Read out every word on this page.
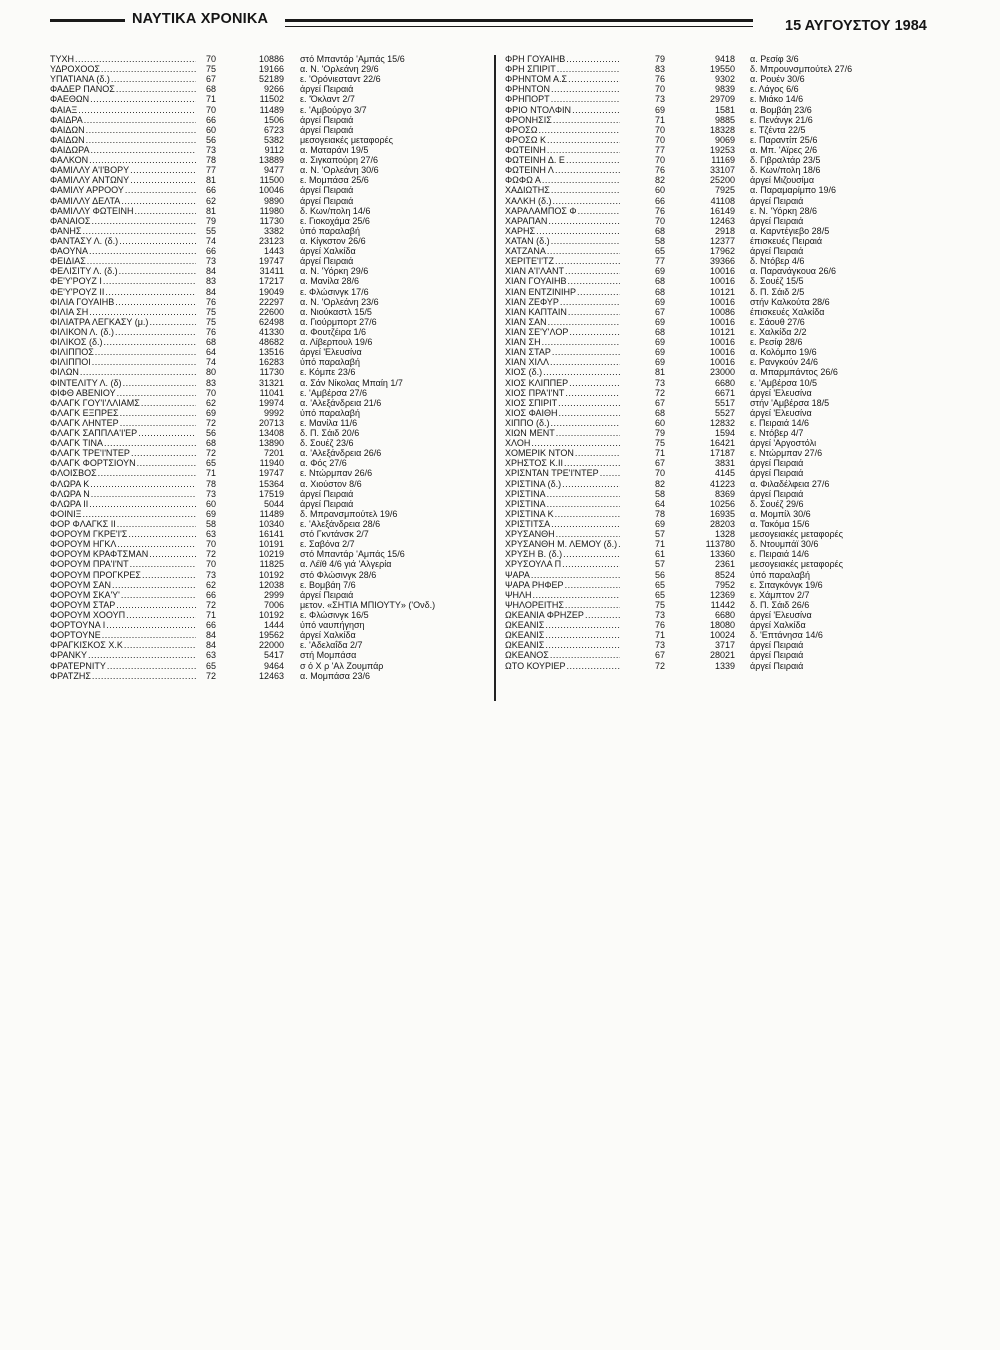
ΝΑΥΤΙΚΑ ΧΡΟΝΙΚΑ	15 ΑΥΓΟΥΣΤΟΥ 1984
ΤΥΧΗ .....	70	10886 στό Μπαντάρ 'Αμπάς 15/6
ΥΔΡΟΧΟΟΣ .....	75	19166 α. Ν. 'Ορλεάνη 29/6
ΥΠΑΤΙΑΝΑ (δ.) .....	67	52189 ε. 'Ορόνιεσταντ 22/6
ΦΑΔΕΡ ΠΑΝΟΣ .....	68	9266 άργεί Πειραιά
ΦΑΕΘΩΝ .....	71	11502 ε. 'Όκλαντ 2/7
ΦΑΙΑΞ .....	70	11489 ε. 'Αμβούργο 3/7
ΦΑΙΔΡΑ .....	66	1506 άργεί Πειραιά
ΦΑΙΔΩΝ .....	60	6723 άργεί Πειραιά
ΦΑΙΔΩΝ .....	56	5382 μεσογειακές μεταφορές
ΦΑΙΔΩΡΑ .....	73	9112 α. Ματαράνι 19/5
ΦΑΛΚΟΝ .....	78	13889 α. Σιγκαπούρη 27/6
ΦΑΜΙΛΛΥ Α'Ι'ΒΟΡΥ .....	77	9477 α. Ν. 'Ορλεάνη 30/6
ΦΑΜΙΛΛΥ ΑΝΤΩΝΥ .....	81	11500 ε. Μομπάσα 25/6
ΦΑΜΙΛΥ ΑΡΡΟΟΥ .....	66	10046 άργεί Πειραιά
ΦΑΜΙΛΛΥ ΔΕΛΤΑ .....	62	9890 άργεί Πειραιά
ΦΑΜΙΛΛΥ ΦΩΤΕΙΝΗ .....	81	11980 δ. Κων/πολη 14/6
ΦΑΝΑΙΟΣ .....	79	11730 ε. Γιοκοχάμα 25/6
ΦΑΝΗΣ .....	55	3382 ύπό παραλαβή
ΦΑΝΤΑΣΥ Λ. (δ.) .....	74	23123 α. Κίγκστον 26/6
ΦΑΟΥΝΑ .....	66	1443 άργεί Χαλκίδα
ΦΕΙΔΙΑΣ .....	73	19747 άργεί Πειραιά
ΦΕΛΙΣΙΤΥ Λ. (δ.) .....	84	31411 α. Ν. 'Υόρκη 29/6
ΦΕ'Υ'ΡΟΥΖ Ι .....	83	17217 α. Μανίλα 28/6
ΦΕ'Υ'ΡΟΥΖ ΙΙ .....	84	19049 ε. Φλώσινγκ 17/6
ΦΙΛΙΑ ΓΟΥΑΙΗΒ .....	76	22297 α. Ν. 'Ορλεάνη 23/6
ΦΙΛΙΑ ΣΗ .....	75	22600 α. Νιούκαστλ 15/5
ΦΙΛΙΑΤΡΑ ΛΕΓΚΑΣΥ (μ.) .....	75	62498 α. Γιούρμπορτ 27/6
ΦΙΛΙΚΟΝ Λ. (δ.) .....	76	41330 α. Φουτζέιρα 1/6
ΦΙΛΙΚΟΣ (δ.) .....	68	48682 α. Λίβερπουλ 19/6
ΦΙΛΙΠΠΟΣ .....	64	13516 άργεί 'Ελευσίνα
ΦΙΛΙΠΠΟΙ .....	74	16283 ύπό παραλαβή
ΦΙΛΩΝ .....	80	11730 ε. Κόμπε 23/6
ΦΙΝΤΕΛΙΤΥ Λ. (δ) .....	83	31321 α. Σάν Νίκολας Μπαίη 1/7
ΦΙΦΘ ΑΒΕΝΙΟΥ .....	70	11041 ε. 'Αμβέρσα 27/6
ΦΛΑΓΚ ΓΟΥ'Ι'ΛΛΙΑΜΣ .....	62	19974 α. 'Αλεξάνδρεια 21/6
ΦΛΑΓΚ ΕΞΠΡΕΣ .....	69	9992 ύπό παραλαβή
ΦΛΑΓΚ ΛΗΝΤΕΡ .....	72	20713 ε. Μανίλα 11/6
ΦΛΑΓΚ ΣΑΠΠΛΑ'Ι'ΕΡ .....	56	13408 δ. Π. Σάιδ 20/6
ΦΛΑΓΚ ΤΙΝΑ .....	68	13890 δ. Σουέζ 23/6
ΦΛΑΓΚ ΤΡΕ'Ι'ΝΤΕΡ .....	72	7201 α. 'Αλεξάνδρεια 26/6
ΦΛΑΓΚ ΦΟΡΤΣΙΟΥΝ .....	65	11940 α. Φός 27/6
ΦΛΟΙΣΒΟΣ .....	71	19747 ε. Ντώρμπαν 26/6
ΦΛΩΡΑ Κ .....	78	15364 α. Χιούστον 8/6
ΦΛΩΡΑ Ν .....	73	17519 άργεί Πειραιά
ΦΛΩΡΑ ΙΙ .....	60	5044 άργεί Πειραιά
ΦΟΙΝΙΞ .....	69	11489 δ. Μπρανσμπούτελ 19/6
ΦΟΡ ΦΛΑΓΚΣ ΙΙ .....	58	10340 ε. 'Αλεξάνδρεια 28/6
ΦΟΡΟΥΜ ΓΚΡΕ'Ι'Σ .....	63	16141 στό Γκντάνσκ 2/7
ΦΟΡΟΥΜ ΗΓΚΛ .....	70	10191 ε. Σαβόνα 2/7
ΦΟΡΟΥΜ ΚΡΑΦΤΣΜΑΝ .....	72	10219 στό Μπαντάρ 'Αμπάς 15/6
ΦΟΡΟΥΜ ΠΡΑ'Ι'ΝΤ .....	70	11825 α. Λέϊθ 4/6 γιά 'Αλγερία
ΦΟΡΟΥΜ ΠΡΟΓΚΡΕΣ .....	73	10192 στό Φλώσινγκ 28/6
ΦΟΡΟΥΜ ΣΑΝ .....	62	12038 ε. Βομβάη 7/6
ΦΟΡΟΥΜ ΣΚΑ'Υ' .....	66	2999 άργεί Πειραιά
ΦΟΡΟΥΜ ΣΤΑΡ .....	72	7006 μετον. «ΣΗΤΙΑ ΜΠΙΟΥΤΥ» ('Ονδ.)
ΦΟΡΟΥΜ ΧΟΟΥΠ .....	71	10192 ε. Φλώσινγκ 16/5
ΦΟΡΤΟΥΝΑ Ι .....	66	1444 ύπό ναυπήγηση
ΦΟΡΤΟΥΝΕ .....	84	19562 άργεί Χαλκίδα
ΦΡΑΓΚΙΣΚΟΣ Χ.Κ .....	84	22000 ε. 'Αδελαΐδα 2/7
ΦΡΑΝΚΥ .....	63	5417 στή Μομπάσα
ΦΡΑΤΕΡΝΙΤΥ .....	65	9464 σ ό Χ ρ 'Αλ Ζουμπάρ
ΦΡΑΤΖΗΣ .....	72	12463 α. Μομπάσα 23/6
ΦΡΗ ΓΟΥΑΙΗΒ .....	79	9418 α. Ρεσίφ 3/6
ΦΡΗ ΣΠΙΡΙΤ .....	83	19550 δ. Μπρουνσμπούτελ 27/6
ΦΡΗΝΤΟΜ Α.Σ .....	76	9302 α. Ρουέν 30/6
ΦΡΗΝΤΟΝ .....	70	9839 ε. Λάγος 6/6
ΦΡΗΠΟΡΤ .....	73	29709 ε. Μιάκο 14/6
ΦΡΙΟ ΝΤΟΛΦΙΝ .....	69	1581 α. Βομβάη 23/6
ΦΡΟΝΗΣΙΣ .....	71	9885 ε. Πενάνγκ 21/6
ΦΡΟΣΩ .....	70	18328 ε. Τζέντα 22/5
ΦΡΟΣΩ Κ .....	70	9069 ε. Παραντίπ 25/6
ΦΩΤΕΙΝΗ .....	77	19253 α. Μπ. 'Αϊρες 2/6
ΦΩΤΕΙΝΗ Δ. Ε .....	70	11169 δ. Γιβραλτάρ 23/5
ΦΩΤΕΙΝΗ Λ .....	76	33107 δ. Κων/πολη 18/6
ΦΩΦΩ Α .....	82	25200 άργεί Μιζουσίμα
ΧΑΔΙΩΤΗΣ .....	60	7925 α. Παραμαρίμπο 19/6
ΧΑΛΚΗ (δ.) .....	66	41108 άργεί Πειραιά
ΧΑΡΑΛΑΜΠΟΣ Φ .....	76	16149 ε. Ν. 'Υόρκη 28/6
ΧΑΡΑΠΑΝ .....	70	12463 άργεί Πειραιά
ΧΑΡΗΣ .....	68	2918 α. Καρντέγιεβο 28/5
ΧΑΤΑΝ (δ.) .....	58	12377 έπισκευές Πειραιά
ΧΑΤΖΑΝΑ .....	65	17962 άργεί Πειραιά
ΧΕΡΙΤΕ'Ι'ΤΖ .....	77	39366 δ. Ντόβερ 4/6
ΧΙΑΝ Α'Ι'ΛΑΝΤ .....	69	10016 α. Παρανάγκουα 26/6
ΧΙΑΝ ΓΟΥΑΙΗΒ .....	68	10016 δ. Σουέζ 15/5
ΧΙΑΝ ΕΝΤΖΙΝΙΗΡ .....	68	10121 δ. Π. Σάιδ 2/5
ΧΙΑΝ ΖΕΦΥΡ .....	69	10016 στήν Καλκούτα 28/6
ΧΙΑΝ ΚΑΠΤΑΙΝ .....	67	10086 έπισκευές Χαλκίδα
ΧΙΑΝ ΣΑΝ .....	69	10016 ε. Σάουθ 27/6
ΧΙΑΝ ΣΕ'Υ'ΛΟΡ .....	68	10121 ε. Χαλκίδα 2/2
ΧΙΑΝ ΣΗ .....	69	10016 ε. Ρεσίφ 28/6
ΧΙΑΝ ΣΤΑΡ .....	69	10016 α. Κολόμπο 19/6
ΧΙΑΝ ΧΙΛΛ .....	69	10016 ε. Ρανγκούν 24/6
ΧΙΟΣ (δ.) .....	81	23000 α. Μπαρμπάντος 26/6
ΧΙΟΣ ΚΛΙΠΠΕΡ .....	73	6680 ε. 'Αμβέρσα 10/5
ΧΙΟΣ ΠΡΑ'Ι'ΝΤ .....	72	6671 άργεί 'Ελευσίνα
ΧΙΟΣ ΣΠΙΡΙΤ .....	67	5517 στήν 'Αμβέρσα 18/5
ΧΙΟΣ ΦΑΙΘΗ .....	68	5527 άργεί 'Ελευσίνα
ΧΙΠΠΟ (δ.) .....	60	12832 ε. Πειραιά 14/6
ΧΙΩΝ ΜΕΝΤ .....	79	1594 ε. Ντόβερ 4/7
ΧΛΟΗ .....	75	16421 άργεί 'Αργοστόλι
ΧΟΜΕΡΙΚ ΝΤΟΝ .....	71	17187 ε. Ντώρμπαν 27/6
ΧΡΗΣΤΟΣ Κ.ΙΙ .....	67	3831 άργεί Πειραιά
ΧΡΙΣΝΤΑΝ ΤΡΕ'Ι'ΝΤΕΡ .....	70	4145 άργεί Πειραιά
ΧΡΙΣΤΙΝΑ (δ.) .....	82	41223 α. Φιλαδέλφεια 27/6
ΧΡΙΣΤΙΝΑ .....	58	8369 άργεί Πειραιά
ΧΡΙΣΤΙΝΑ .....	64	10256 δ. Σουέζ 29/6
ΧΡΙΣΤΙΝΑ Κ .....	78	16935 α. Μομπίλ 30/6
ΧΡΙΣΤΙΤΣΑ .....	69	28203 α. Τακόμα 15/6
ΧΡΥΣΑΝΘΗ .....	57	1328 μεσογειακές μεταφορές
ΧΡΥΣΑΝΘΗ Μ. ΛΕΜΟΥ (δ.) .....	71	113780 δ. Ντουμπάϊ 30/6
ΧΡΥΣΗ Β. (δ.) .....	61	13360 ε. Πειραιά 14/6
ΧΡΥΣΟΥΛΑ Π .....	57	2361 μεσογειακές μεταφορές
ΨΑΡΑ .....	56	8524 ύπό παραλαβή
ΨΑΡΑ ΡΗΦΕΡ .....	65	7952 ε. Σιταγκόνγκ 19/6
ΨΗΛΗ .....	65	12369 ε. Χάμπτον 2/7
ΨΗΛΟΡΕΙΤΗΣ .....	75	11442 δ. Π. Σάιδ 26/6
ΩΚΕΑΝΙΑ ΦΡΗΖΕΡ .....	73	6680 άργεί 'Ελευσίνα
ΩΚΕΑΝΙΣ .....	76	18080 άργεί Χαλκίδα
ΩΚΕΑΝΙΣ .....	71	10024 δ. 'Επτάνησα 14/6
ΩΚΕΑΝΙΣ .....	73	3717 άργεί Πειραιά
ΩΚΕΑΝΟΣ .....	67	28021 άργεί Πειραιά
ΩΤΟ ΚΟΥΡΙΕΡ .....	72	1339 άργεί Πειραιά
